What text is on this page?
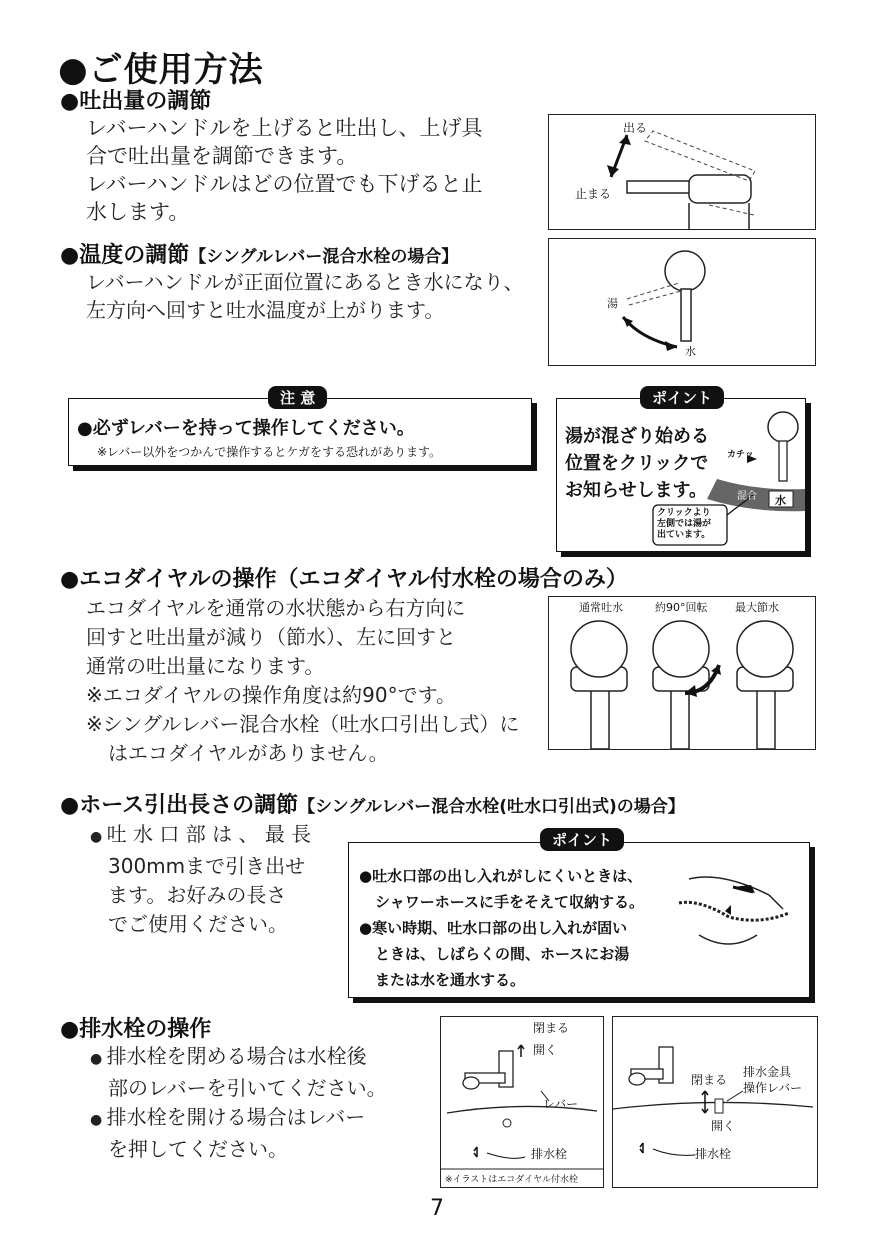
●ご使用方法
●吐出量の調節
レバーハンドルを上げると吐出し、上げ具
合で吐出量を調節できます。
レバーハンドルはどの位置でも下げると止
水します。
出る
止まる
●温度の調節【シングルレバー混合水栓の場合】
レバーハンドルが正面位置にあるとき水になり、
左方向へ回すと吐水温度が上がります。	湯
水
●必ずレバーを持って操作してください。
※レバー以外をつかんで操作するとケガをする恐れがあります。
注 意
湯が混ざり始める
位置をクリックで
お知らせします。
カチッ
混合 水
クリックより
左側では湯が
出ています。
ポイント
●エコダイヤルの操作（エコダイヤル付水栓の場合のみ）
エコダイヤルを通常の水状態から右方向に
回すと吐出量が減り（節水）、左に回すと
通常の吐出量になります。
※エコダイヤルの操作角度は約90°です。
※シングルレバー混合水栓（吐水口引出し式）に
はエコダイヤルがありません。
通常吐水	約90°回転	最大節水
●ホース引出長さの調節【シングルレバー混合水栓(吐水口引出式)の場合】
● 吐 水 口 部 は 、 最 長
300mmまで引き出せ
ます。お好みの長さ
でご使用ください。
●吐水口部の出し入れがしにくいときは、
シャワーホースに手をそえて収納する。
●寒い時期、吐水口部の出し入れが固い
ときは、しばらくの間、ホースにお湯
または水を通水する。
ポイント
●排水栓の操作
● 排水栓を閉める場合は水栓後
部のレバーを引いてください。
● 排水栓を開ける場合はレバー
を押してください。
閉まる
開く
レバー
排水栓
※イラストはエコダイヤル付水栓
閉まる
開く
排水金具
操作レバー
排水栓
7
